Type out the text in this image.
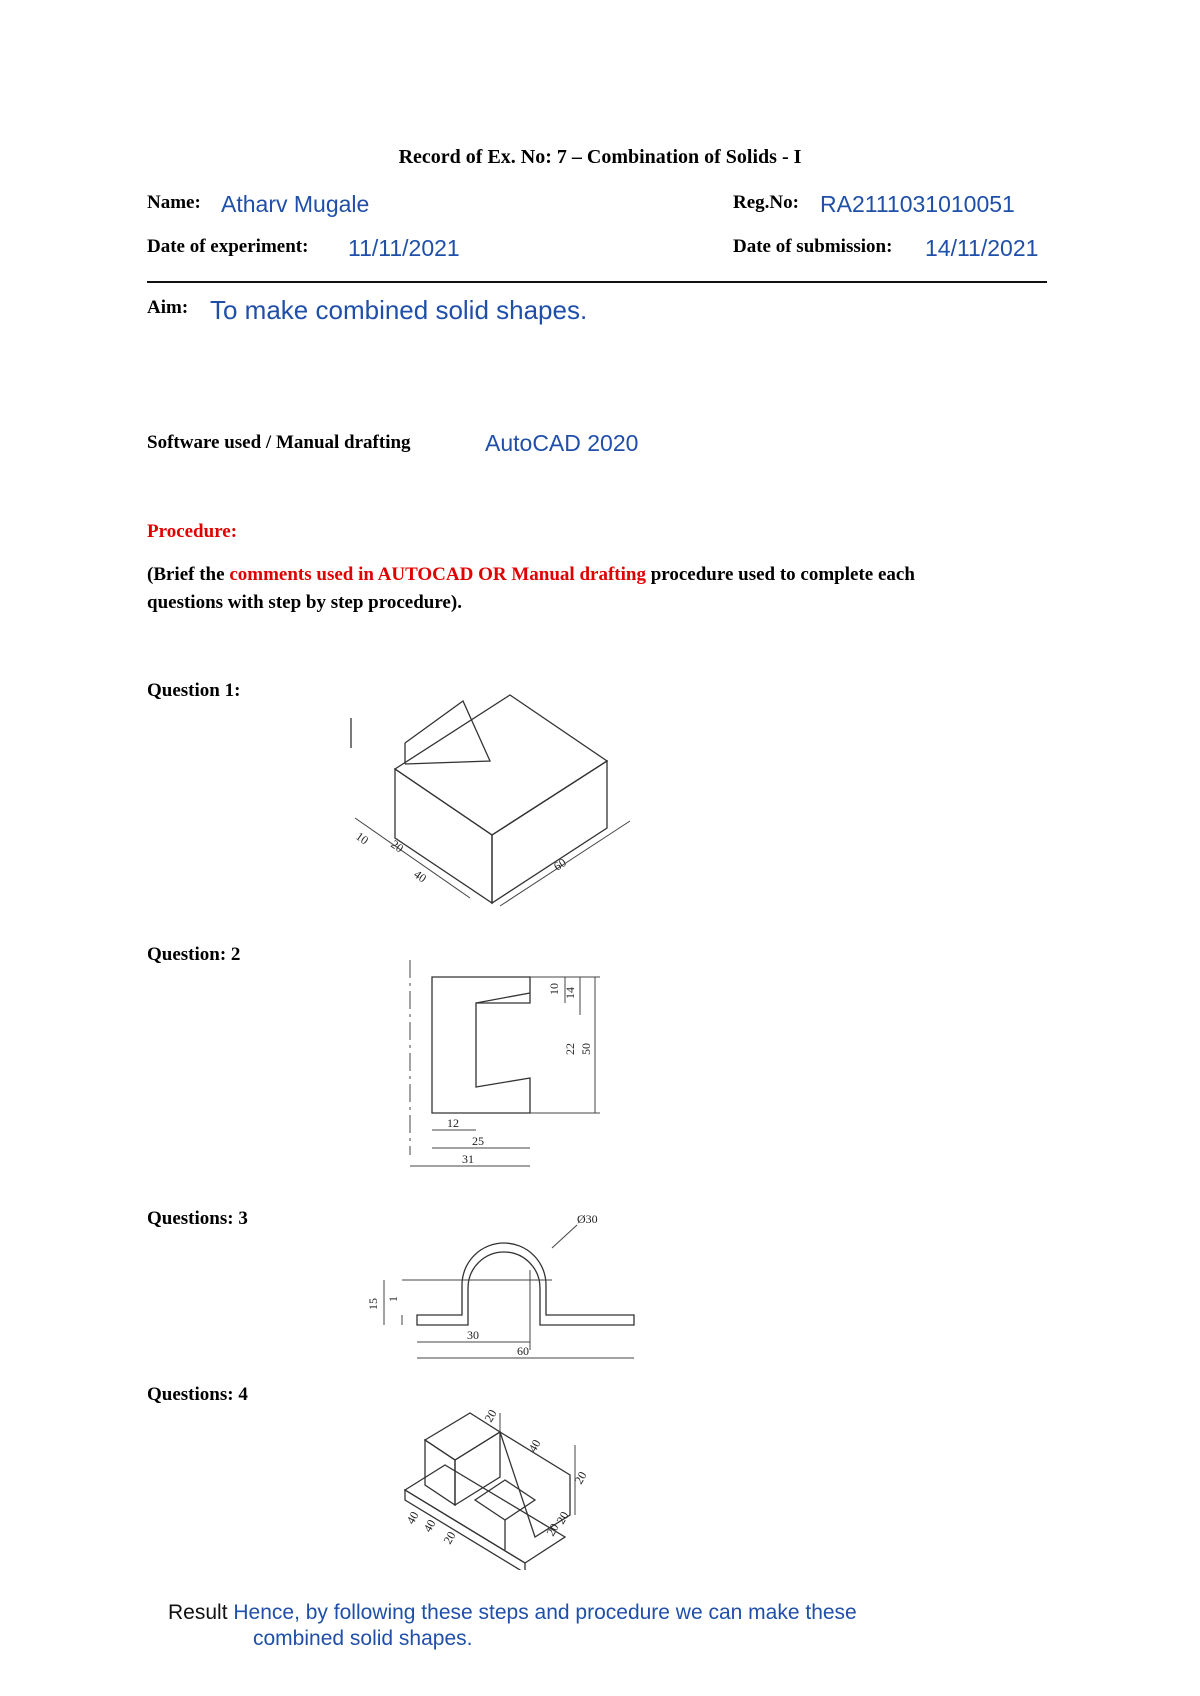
Record of Ex. No: 7 – Combination of Solids - I
Name: Atharv Mugale	Reg.No: RA2111031010051
Date of experiment: 11/11/2021	Date of submission: 14/11/2021
Aim: To make combined solid shapes.
Software used / Manual drafting	AutoCAD 2020
Procedure:
(Brief the comments used in AUTOCAD OR Manual drafting procedure used to complete each
questions with step by step procedure).
Question 1:
Question: 2
Questions: 3
Questions: 4
10 20
40
60
10 14
22 50
12
25
31
Ø30
15 1
30
60
20
40
20
20
20
40
40
20
Result Hence, by following these steps and procedure we can make these
combined solid shapes.
